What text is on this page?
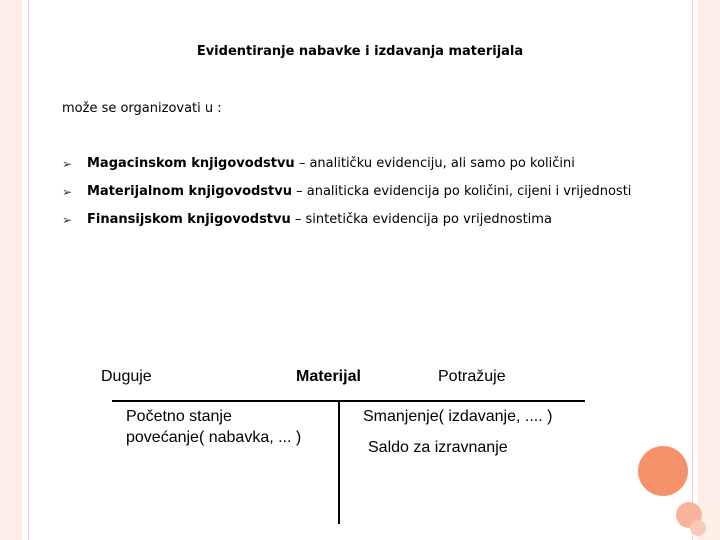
Evidentiranje nabavke i izdavanja materijala
može se organizovati u :
➢ Magacinskom knjigovodstvu – analitičku evidenciju, ali samo po količini
➢ Materijalnom knjigovodstvu – analiticka evidencija po količini, cijeni i vrijednosti
➢ Finansijskom knjigovodstvu – sintetička evidencija po vrijednostima
Duguje	Materijal	Potražuje
Početno stanje
povećanje( nabavka, ... )
Smanjenje( izdavanje, .... )
Saldo za izravnanje
